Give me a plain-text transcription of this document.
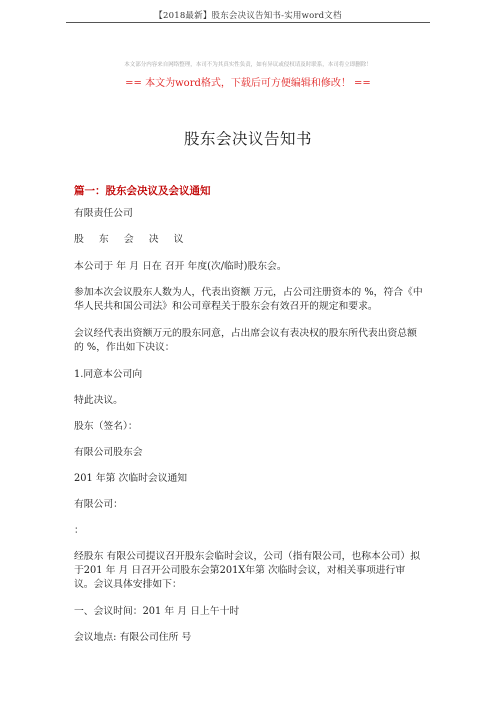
【2018最新】股东会决议告知书-实用word文档
本文部分内容来自网络整理，本司不为其真实性负责，如有异议或侵权请及时联系，本司将立即删除！
== 本文为word格式，下载后可方便编辑和修改！ ==
股东会决议告知书
篇一：股东会决议及会议通知

有限责任公司

股 东 会 决 议

本公司于 年 月 日在 召开 年度(次/临时)股东会。

参加本次会议股东人数为人，代表出资额 万元，占公司注册资本的 %，符合《中华人民共和国公司法》和公司章程关于股东会有效召开的规定和要求。

会议经代表出资额万元的股东同意，占出席会议有表决权的股东所代表出资总额的 %，作出如下决议：

1.同意本公司向

特此决议。

股东（签名）：

有限公司股东会

201 年第 次临时会议通知

有限公司：

：

经股东 有限公司提议召开股东会临时会议，公司（指有限公司，也称本公司）拟于201 年 月 日召开公司股东会第201X年第 次临时会议，对相关事项进行审议。会议具体安排如下：

一、会议时间：201 年 月 日上午十时

会议地点: 有限公司住所 号
